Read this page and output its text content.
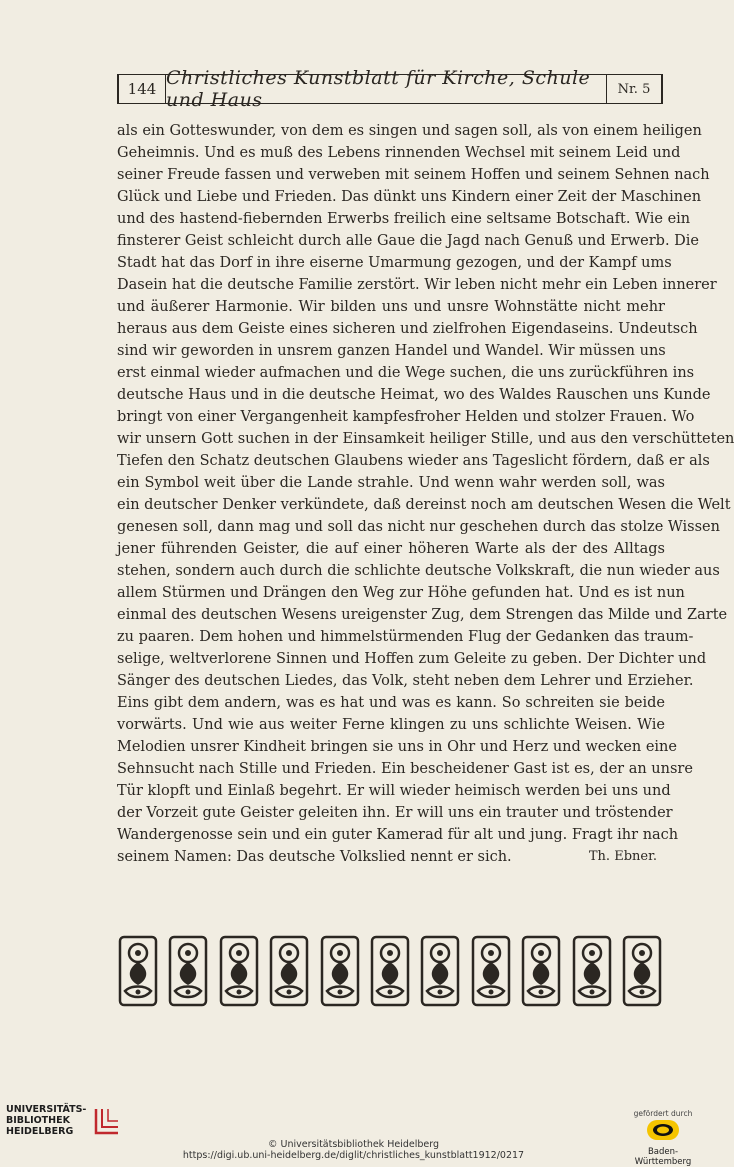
144 Christliches Kunstblatt für Kirche, Schule und Haus	Nr. 5
als ein Gotteswunder, von dem es singen und sagen soll, als von einem heiligen
Geheimnis. Und es muß des Lebens rinnenden Wechsel mit seinem Leid und
seiner Freude fassen und verweben mit seinem Hoffen und seinem Sehnen nach
Glück und Liebe und Frieden. Das dünkt uns Kindern einer Zeit der Maschinen
und des hastend-fiebernden Erwerbs freilich eine seltsame Botschaft. Wie ein
finsterer Geist schleicht durch alle Gaue die Jagd nach Genuß und Erwerb. Die
Stadt hat das Dorf in ihre eiserne Umarmung gezogen, und der Kampf ums
Dasein hat die deutsche Familie zerstört. Wir leben nicht mehr ein Leben innerer
und äußerer Harmonie. Wir bilden uns und unsre Wohnstätte nicht mehr
heraus aus dem Geiste eines sicheren und zielfrohen Eigendaseins. Undeutsch
sind wir geworden in unsrem ganzen Handel und Wandel. Wir müssen uns
erst einmal wieder aufmachen und die Wege suchen, die uns zurückführen ins
deutsche Haus und in die deutsche Heimat, wo des Waldes Rauschen uns Kunde
bringt von einer Vergangenheit kampfesfroher Helden und stolzer Frauen. Wo
wir unsern Gott suchen in der Einsamkeit heiliger Stille, und aus den verschütteten
Tiefen den Schatz deutschen Glaubens wieder ans Tageslicht fördern, daß er als
ein Symbol weit über die Lande strahle. Und wenn wahr werden soll, was
ein deutscher Denker verkündete, daß dereinst noch am deutschen Wesen die Welt
genesen soll, dann mag und soll das nicht nur geschehen durch das stolze Wissen
jener führenden Geister, die auf einer höheren Warte als der des Alltags
stehen, sondern auch durch die schlichte deutsche Volkskraft, die nun wieder aus
allem Stürmen und Drängen den Weg zur Höhe gefunden hat. Und es ist nun
einmal des deutschen Wesens ureigenster Zug, dem Strengen das Milde und Zarte
zu paaren. Dem hohen und himmelstürmenden Flug der Gedanken das traum-
selige, weltverlorene Sinnen und Hoffen zum Geleite zu geben. Der Dichter und
Sänger des deutschen Liedes, das Volk, steht neben dem Lehrer und Erzieher.
Eins gibt dem andern, was es hat und was es kann. So schreiten sie beide
vorwärts. Und wie aus weiter Ferne klingen zu uns schlichte Weisen. Wie
Melodien unsrer Kindheit bringen sie uns in Ohr und Herz und wecken eine
Sehnsucht nach Stille und Frieden. Ein bescheidener Gast ist es, der an unsre
Tür klopft und Einlaß begehrt. Er will wieder heimisch werden bei uns und
der Vorzeit gute Geister geleiten ihn. Er will uns ein trauter und tröstender
Wandergenosse sein und ein guter Kamerad für alt und jung. Fragt ihr nach
seinem Namen: Das deutsche Volkslied nennt er sich.	Th. Ebner.
UNIVERSITÄTS-
BIBLIOTHEK
HEIDELBERG
© Universitätsbibliothek Heidelberg
https://digi.ub.uni-heidelberg.de/diglit/christliches_kunstblatt1912/0217
gefördert durch
Baden-Württemberg
